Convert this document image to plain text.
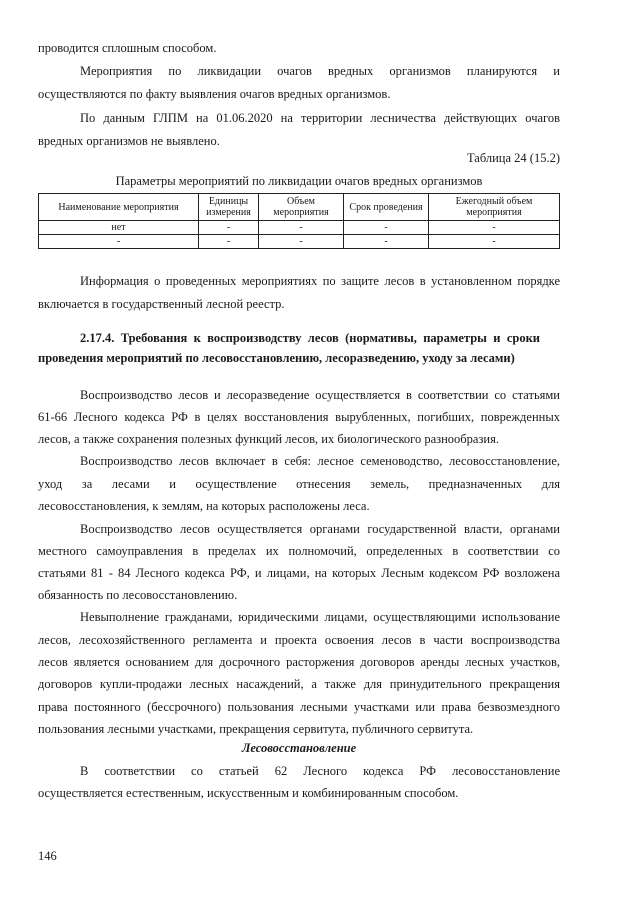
проводится сплошным способом.

Мероприятия по ликвидации очагов вредных организмов планируются и

осуществляются по факту выявления очагов вредных организмов.

По данным ГЛПМ на 01.06.2020 на территории лесничества действующих очагов

вредных организмов не выявлено.

Таблица 24 (15.2)

Параметры мероприятий по ликвидации очагов вредных организмов

Наименование мероприятия	Единицы измерения	Объем мероприятия	Срок проведения	Ежегодный объем мероприятия
нет	-	-	-	-
-	-	-	-	-

Информация о проведенных мероприятиях по защите лесов в установленном порядке

включается в государственный лесной реестр.

2.17.4. Требования к воспроизводству лесов (нормативы, параметры и сроки

проведения мероприятий по лесовосстановлению, лесоразведению, уходу за лесами)

Воспроизводство лесов и лесоразведение осуществляется в соответствии со статьями

61-66 Лесного кодекса РФ в целях восстановления вырубленных, погибших, поврежденных

лесов, а также сохранения полезных функций лесов, их биологического разнообразия.

Воспроизводство лесов включает в себя: лесное семеноводство, лесовосстановление,

уход за лесами и осуществление отнесения земель, предназначенных для

лесовосстановления, к землям, на которых расположены леса.

Воспроизводство лесов осуществляется органами государственной власти, органами

местного самоуправления в пределах их полномочий, определенных в соответствии со

статьями 81 - 84 Лесного кодекса РФ, и лицами, на которых Лесным кодексом РФ возложена

обязанность по лесовосстановлению.

Невыполнение гражданами, юридическими лицами, осуществляющими использование

лесов, лесохозяйственного регламента и проекта освоения лесов в части воспроизводства

лесов является основанием для досрочного расторжения договоров аренды лесных участков,

договоров купли-продажи лесных насаждений, а также для принудительного прекращения

права постоянного (бессрочного) пользования лесными участками или права безвозмездного

пользования лесными участками, прекращения сервитута, публичного сервитута.

Лесовосстановление

В соответствии со статьей 62 Лесного кодекса РФ лесовосстановление

осуществляется естественным, искусственным и комбинированным способом.

146
